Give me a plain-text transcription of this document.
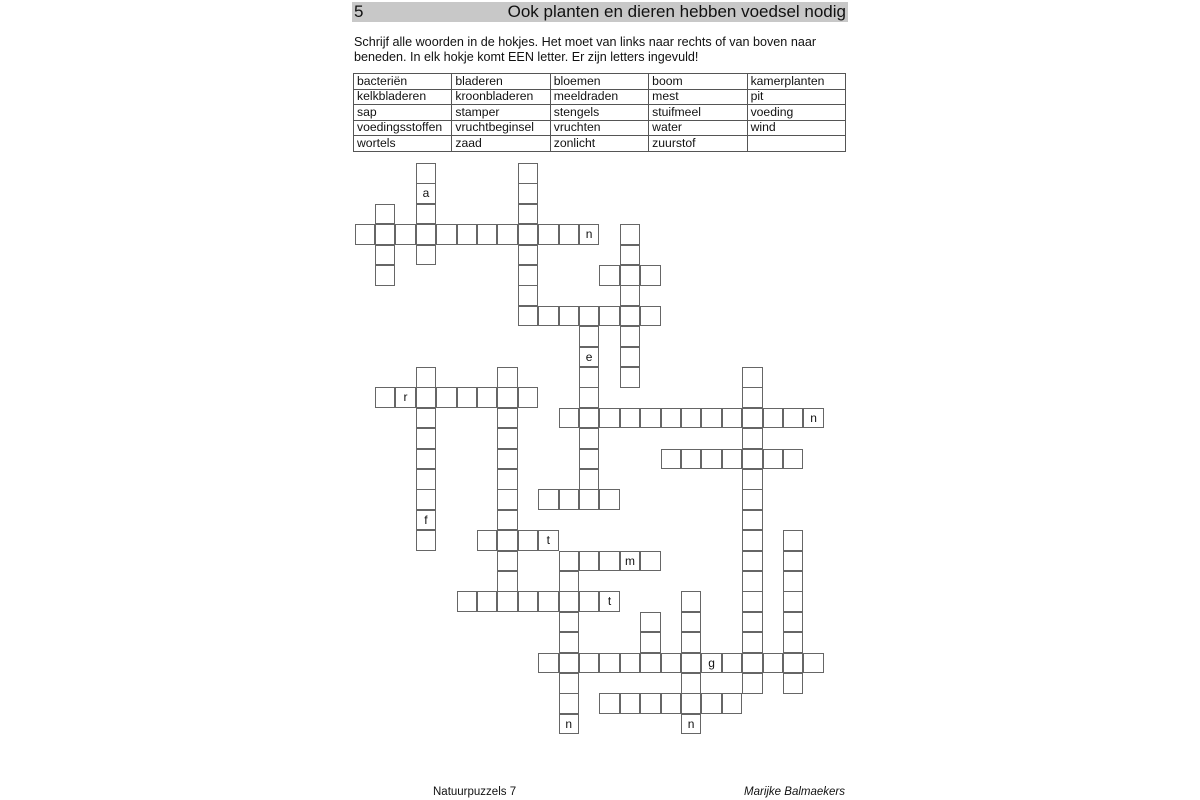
5	Ook planten en dieren hebben voedsel nodig

Schrijf alle woorden in de hokjes. Het moet van links naar rechts of van boven naar
beneden. In elk hokje komt EEN letter. Er zijn letters ingevuld!

bacteriën	bladeren	bloemen	boom	kamerplanten
kelkbladeren	kroonbladeren	meeldraden	mest	pit
sap	stamper	stengels	stuifmeel	voeding
voedingsstoffen	vruchtbeginsel	vruchten	water	wind
wortels	zaad	zonlicht	zuurstof	
n
r
n
t
m
t
g
a
e
f
n	n
Natuurpuzzels 7	Marijke Balmaekers
